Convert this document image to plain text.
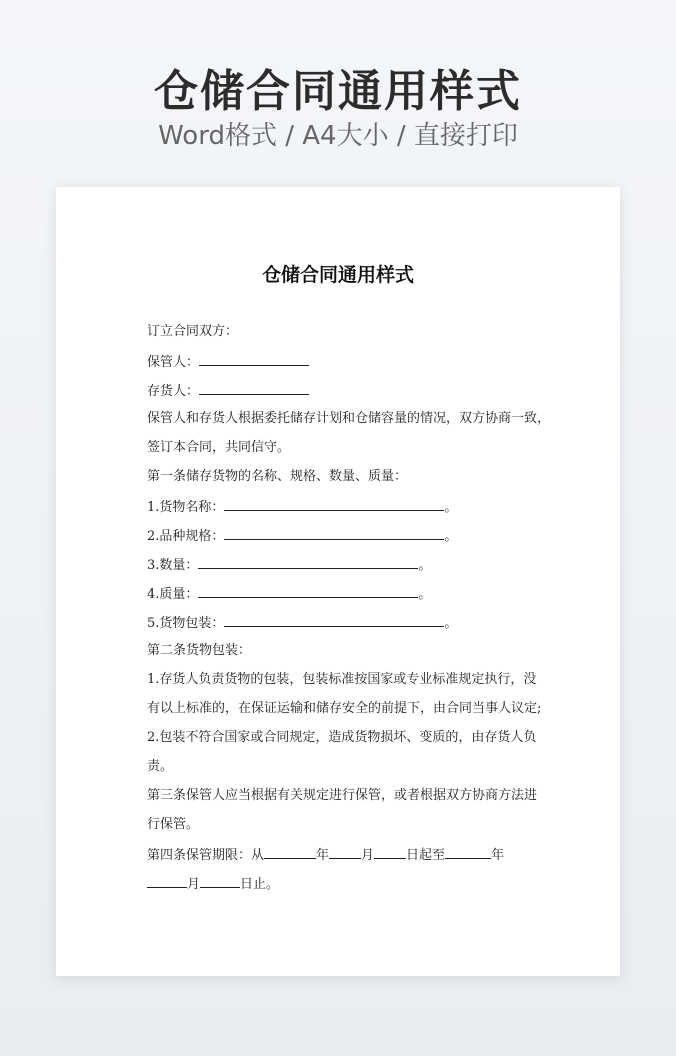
仓储合同通用样式
Word格式 / A4大小 / 直接打印
仓储合同通用样式
订立合同双方：
保管人：
存货人：
保管人和存货人根据委托储存计划和仓储容量的情况，双方协商一致，
签订本合同，共同信守。
第一条储存货物的名称、规格、数量、质量：
1.货物名称：	。
2.品种规格：	。
3.数量：	。
4.质量：	。
5.货物包装：	。
第二条货物包装：
1.存货人负责货物的包装，包装标准按国家或专业标准规定执行，没
有以上标准的，在保证运输和储存安全的前提下，由合同当事人议定;
2.包装不符合国家或合同规定，造成货物损坏、变质的，由存货人负
责。
第三条保管人应当根据有关规定进行保管，或者根据双方协商方法进
行保管。
第四条保管期限：从	年 月 日起至	年
月	日止。
